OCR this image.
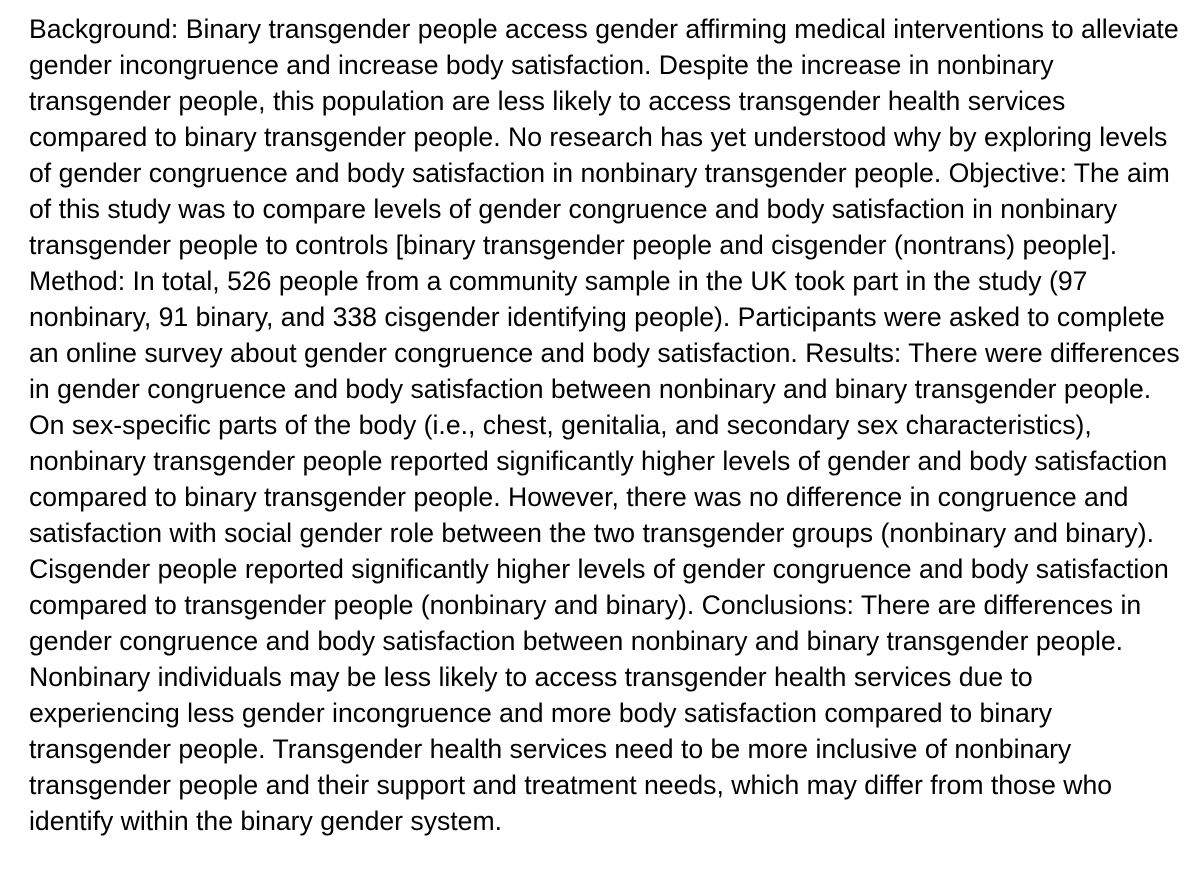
Background: Binary transgender people access gender affirming medical interventions to alleviate gender incongruence and increase body satisfaction. Despite the increase in nonbinary transgender people, this population are less likely to access transgender health services compared to binary transgender people. No research has yet understood why by exploring levels of gender congruence and body satisfaction in nonbinary transgender people. Objective: The aim of this study was to compare levels of gender congruence and body satisfaction in nonbinary transgender people to controls [binary transgender people and cisgender (nontrans) people]. Method: In total, 526 people from a community sample in the UK took part in the study (97 nonbinary, 91 binary, and 338 cisgender identifying people). Participants were asked to complete an online survey about gender congruence and body satisfaction. Results: There were differences in gender congruence and body satisfaction between nonbinary and binary transgender people. On sex-specific parts of the body (i.e., chest, genitalia, and secondary sex characteristics), nonbinary transgender people reported significantly higher levels of gender and body satisfaction compared to binary transgender people. However, there was no difference in congruence and satisfaction with social gender role between the two transgender groups (nonbinary and binary). Cisgender people reported significantly higher levels of gender congruence and body satisfaction compared to transgender people (nonbinary and binary). Conclusions: There are differences in gender congruence and body satisfaction between nonbinary and binary transgender people. Nonbinary individuals may be less likely to access transgender health services due to experiencing less gender incongruence and more body satisfaction compared to binary transgender people. Transgender health services need to be more inclusive of nonbinary transgender people and their support and treatment needs, which may differ from those who identify within the binary gender system.
